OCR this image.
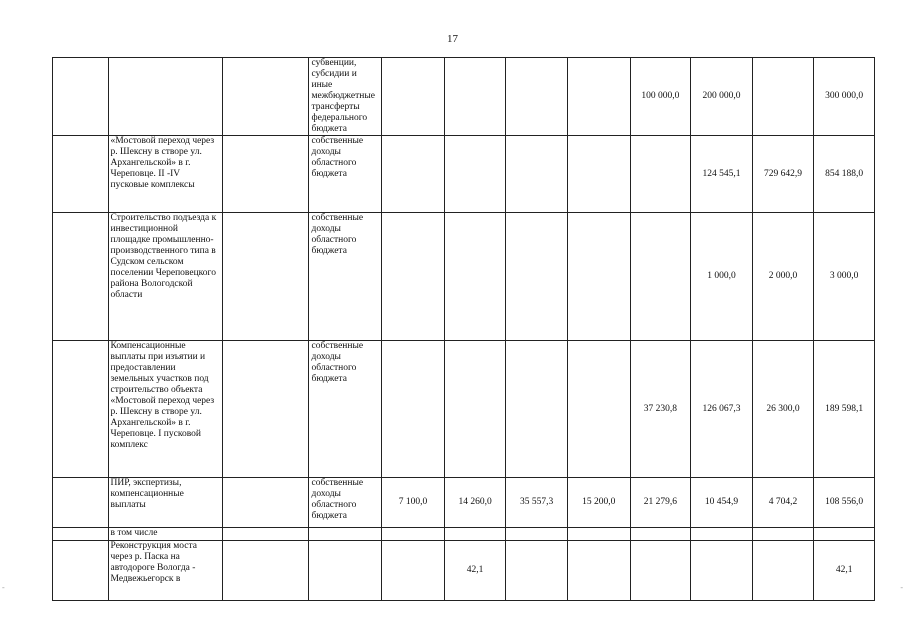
17
			субвенции, субсидии и иные межбюджетные трансферты федерального бюджета					100 000,0	200 000,0		300 000,0
	«Мостовой переход через р. Шексну в створе ул. Архангельской» в г. Череповце. II -IV пусковые комплексы		собственные доходы областного бюджета						124 545,1	729 642,9	854 188,0
	Строительство подъезда к инвестиционной площадке промышленно-производственного типа в Судском сельском поселении Череповецкого района Вологодской области		собственные доходы областного бюджета						1 000,0	2 000,0	3 000,0
	Компенсационные выплаты при изъятии и предоставлении земельных участков под строительство объекта «Мостовой переход через р. Шексну в створе ул. Архангельской» в г. Череповце. I пусковой комплекс		собственные доходы областного бюджета					37 230,8	126 067,3	26 300,0	189 598,1
	ПИР, экспертизы, компенсационные выплаты		собственные доходы областного бюджета	7 100,0	14 260,0	35 557,3	15 200,0	21 279,6	10 454,9	4 704,2	108 556,0
	в том числе										
	Реконструкция моста через р. Паска на автодороге Вологда - Медвежьегорск в				42,1						42,1
-	-
